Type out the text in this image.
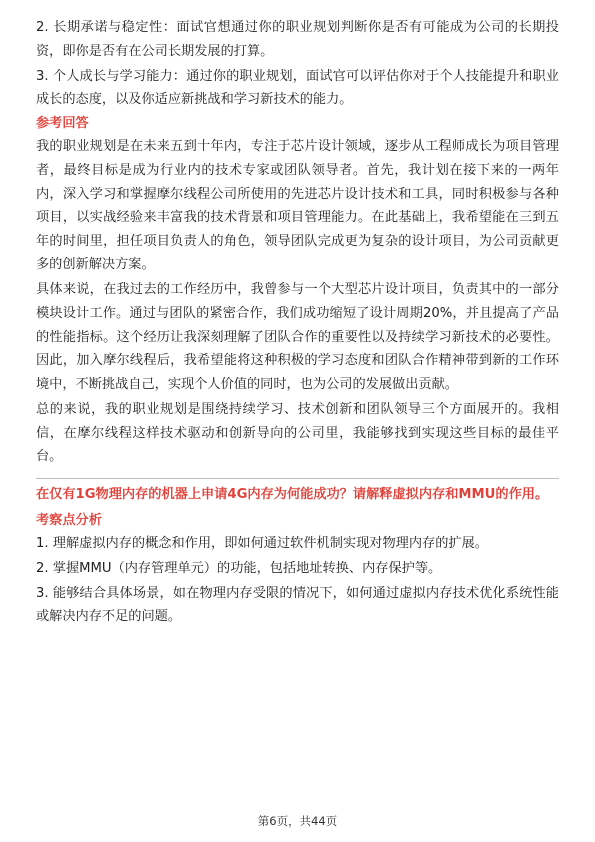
2. 长期承诺与稳定性：面试官想通过你的职业规划判断你是否有可能成为公司的长期投资，即你是否有在公司长期发展的打算。

3. 个人成长与学习能力：通过你的职业规划，面试官可以评估你对于个人技能提升和职业成长的态度，以及你适应新挑战和学习新技术的能力。

参考回答

我的职业规划是在未来五到十年内，专注于芯片设计领域，逐步从工程师成长为项目管理者，最终目标是成为行业内的技术专家或团队领导者。首先，我计划在接下来的一两年内，深入学习和掌握摩尔线程公司所使用的先进芯片设计技术和工具，同时积极参与各种项目，以实战经验来丰富我的技术背景和项目管理能力。在此基础上，我希望能在三到五年的时间里，担任项目负责人的角色，领导团队完成更为复杂的设计项目，为公司贡献更多的创新解决方案。

具体来说，在我过去的工作经历中，我曾参与一个大型芯片设计项目，负责其中的一部分模块设计工作。通过与团队的紧密合作，我们成功缩短了设计周期20%，并且提高了产品的性能指标。这个经历让我深刻理解了团队合作的重要性以及持续学习新技术的必要性。因此，加入摩尔线程后，我希望能将这种积极的学习态度和团队合作精神带到新的工作环境中，不断挑战自己，实现个人价值的同时，也为公司的发展做出贡献。

总的来说，我的职业规划是围绕持续学习、技术创新和团队领导三个方面展开的。我相信，在摩尔线程这样技术驱动和创新导向的公司里，我能够找到实现这些目标的最佳平台。

在仅有1G物理内存的机器上申请4G内存为何能成功？请解释虚拟内存和MMU的作用。
考察点分析

1. 理解虚拟内存的概念和作用，即如何通过软件机制实现对物理内存的扩展。

2. 掌握MMU（内存管理单元）的功能，包括地址转换、内存保护等。

3. 能够结合具体场景，如在物理内存受限的情况下，如何通过虚拟内存技术优化系统性能或解决内存不足的问题。

第6页，共44页
